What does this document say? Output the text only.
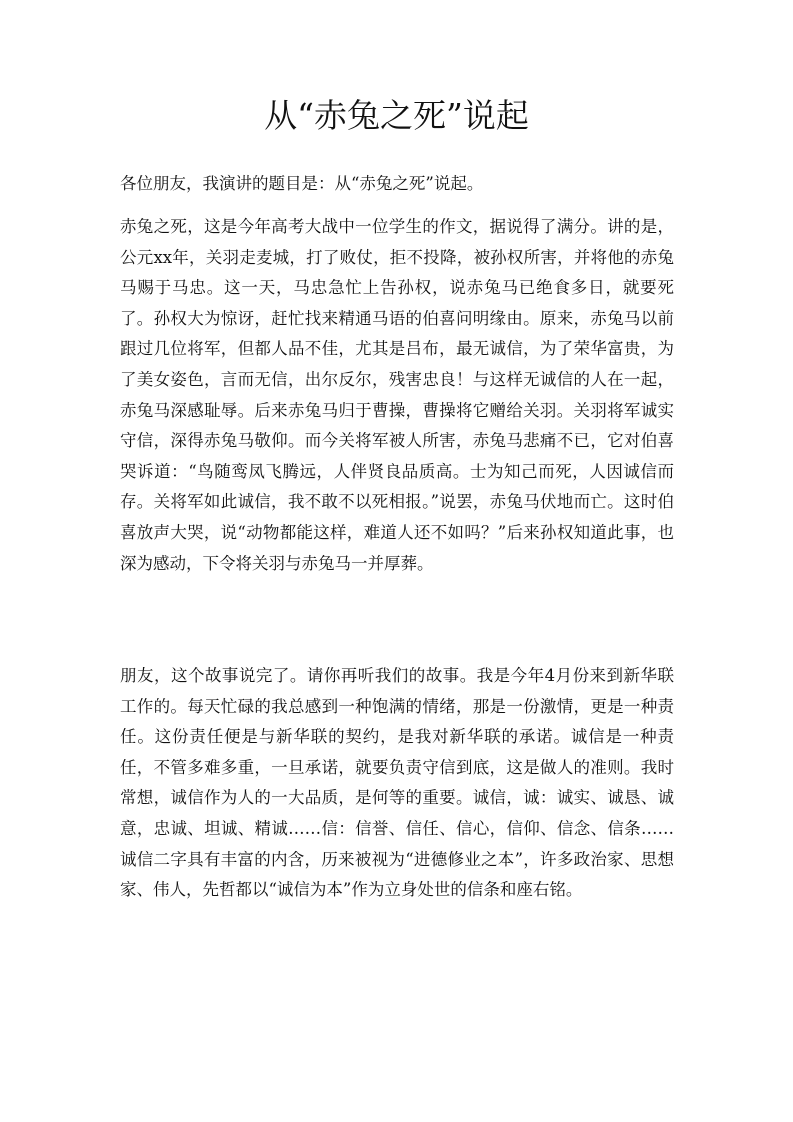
从“赤兔之死”说起

各位朋友，我演讲的题目是：从“赤兔之死”说起。

赤兔之死，这是今年高考大战中一位学生的作文，据说得了满分。讲的是，公元xx年，关羽走麦城，打了败仗，拒不投降，被孙权所害，并将他的赤兔马赐于马忠。这一天，马忠急忙上告孙权，说赤兔马已绝食多日，就要死了。孙权大为惊讶，赶忙找来精通马语的伯喜问明缘由。原来，赤兔马以前跟过几位将军，但都人品不佳，尤其是吕布，最无诚信，为了荣华富贵，为了美女姿色，言而无信，出尔反尔，残害忠良！与这样无诚信的人在一起，赤兔马深感耻辱。后来赤兔马归于曹操，曹操将它赠给关羽。关羽将军诚实守信，深得赤兔马敬仰。而今关将军被人所害，赤兔马悲痛不已，它对伯喜哭诉道：“鸟随鸾凤飞腾远，人伴贤良品质高。士为知己而死，人因诚信而存。关将军如此诚信，我不敢不以死相报。”说罢，赤兔马伏地而亡。这时伯喜放声大哭，说“动物都能这样，难道人还不如吗？”后来孙权知道此事，也深为感动，下令将关羽与赤兔马一并厚葬。

朋友，这个故事说完了。请你再听我们的故事。我是今年4月份来到新华联工作的。每天忙碌的我总感到一种饱满的情绪，那是一份激情，更是一种责任。这份责任便是与新华联的契约，是我对新华联的承诺。诚信是一种责任，不管多难多重，一旦承诺，就要负责守信到底，这是做人的准则。我时常想，诚信作为人的一大品质，是何等的重要。诚信，诚：诚实、诚恳、诚意，忠诚、坦诚、精诚……信：信誉、信任、信心，信仰、信念、信条……诚信二字具有丰富的内含，历来被视为“进德修业之本”，许多政治家、思想家、伟人，先哲都以“诚信为本”作为立身处世的信条和座右铭。
